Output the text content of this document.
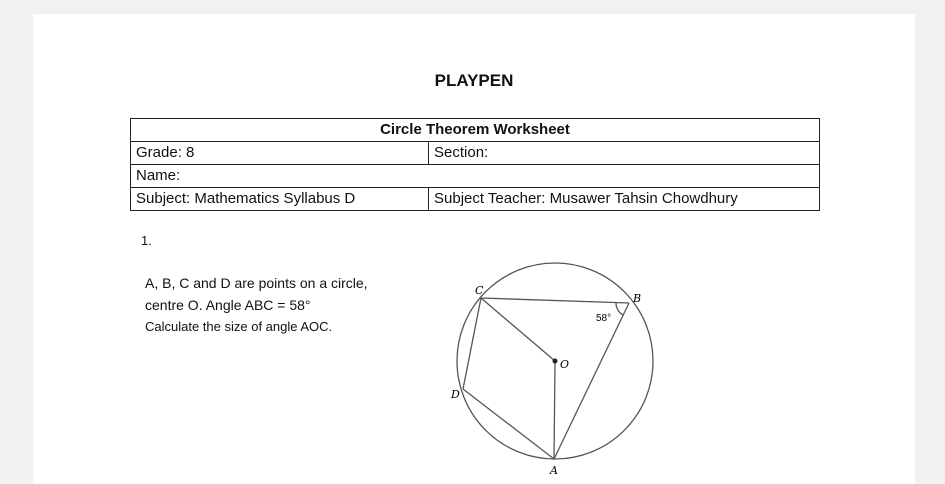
PLAYPEN
Circle Theorem Worksheet	
Grade: 8	Section:
Name:	
Subject: Mathematics Syllabus D	Subject Teacher: Musawer Tahsin Chowdhury
1.
A, B, C and D are points on a circle,
centre O. Angle ABC = 58°
Calculate the size of angle AOC.
C
B
O
D
A
58°
